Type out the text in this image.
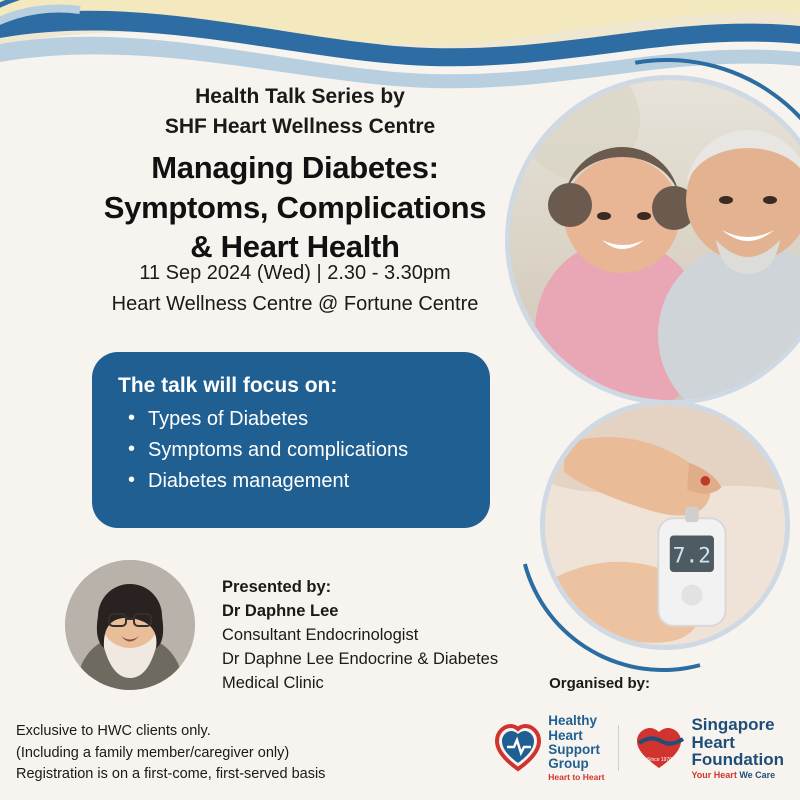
7.2
Health Talk Series by
SHF Heart Wellness Centre
Managing Diabetes:
Symptoms, Complications
& Heart Health
11 Sep 2024 (Wed) | 2.30 - 3.30pm
Heart Wellness Centre @ Fortune Centre
The talk will focus on:
• Types of Diabetes
• Symptoms and complications
• Diabetes management
Presented by:
Dr Daphne Lee
Consultant Endocrinologist
Dr Daphne Lee Endocrine & Diabetes
Medical Clinic
Exclusive to HWC clients only.
(Including a family member/caregiver only)
Registration is on a first-come, first-served basis
Organised by:
Healthy
Heart
Support
Group
Heart to Heart
Since 1970
Singapore
Heart
Foundation
Your Heart We Care
